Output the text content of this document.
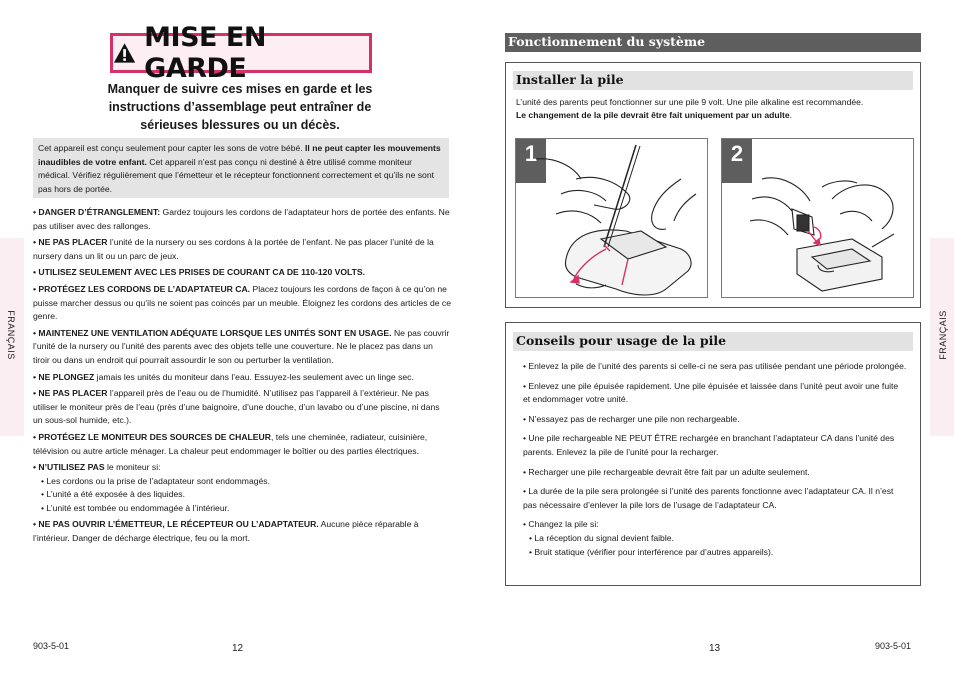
FRANÇAIS	FRANÇAIS
MISE EN GARDE
Manquer de suivre ces mises en garde et les instructions d’assemblage peut entraîner de sérieuses blessures ou un décès.
Cet appareil est conçu seulement pour capter les sons de votre bébé. Il ne peut capter les mouvements inaudibles de votre enfant. Cet appareil n’est pas conçu ni destiné à être utilisé comme moniteur médical. Vérifiez régulièrement que l’émetteur et le récepteur fonctionnent correctement et qu’ils ne sont pas hors de portée.

• DANGER D’ÉTRANGLEMENT: Gardez toujours les cordons de l’adaptateur hors de portée des enfants. Ne pas utiliser avec des rallonges.

• NE PAS PLACER l’unité de la nursery ou ses cordons à la portée de l’enfant. Ne pas placer l’unité de la nursery dans un lit ou un parc de jeux.

• UTILISEZ SEULEMENT AVEC LES PRISES DE COURANT CA DE 110-120 VOLTS.

• PROTÉGEZ LES CORDONS DE L’ADAPTATEUR CA. Placez toujours les cordons de façon à ce qu’on ne puisse marcher dessus ou qu’ils ne soient pas coincés par un meuble. Éloignez les cordons des articles de ce genre.

• MAINTENEZ UNE VENTILATION ADÉQUATE LORSQUE LES UNITÉS SONT EN USAGE. Ne pas couvrir l’unité de la nursery ou l’unité des parents avec des objets telle une couverture. Ne le placez pas dans un tiroir ou dans un endroit qui pourrait assourdir le son ou perturber la ventilation.

• NE PLONGEZ jamais les unités du moniteur dans l’eau. Essuyez-les seulement avec un linge sec.

• NE PAS PLACER l’appareil près de l’eau ou de l’humidité. N’utilisez pas l’appareil à l’extérieur. Ne pas utiliser le moniteur près de l’eau (près d’une baignoire, d’une douche, d’un lavabo ou d’une piscine, ni dans un sous-sol humide, etc.).

• PROTÉGEZ LE MONITEUR DES SOURCES DE CHALEUR, tels une cheminée, radiateur, cuisinière, télévision ou autre article ménager. La chaleur peut endommager le boîtier ou des parties électriques.

• N’UTILISEZ PAS le moniteur si:

• Les cordons ou la prise de l’adaptateur sont endommagés.

• L’unité a été exposée à des liquides.

• L’unité est tombée ou endommagée à l’intérieur.

• NE PAS OUVRIR L’ÉMETTEUR, LE RÉCEPTEUR OU L’ADAPTATEUR. Aucune pièce réparable à l’intérieur. Danger de décharge électrique, feu ou la mort.

903-5-01	12
Fonctionnement du système
Installer la pile
L’unité des parents peut fonctionner sur une pile 9 volt. Une pile alkaline est recommandée.
Le changement de la pile devrait être fait uniquement par un adulte.
1	2
Conseils pour usage de la pile

• Enlevez la pile de l’unité des parents si celle-ci ne sera pas utilisée pendant une période prolongée.

• Enlevez une pile épuisée rapidement. Une pile épuisée et laissée dans l’unité peut avoir une fuite et endommager votre unité.

• N’essayez pas de recharger une pile non rechargeable.

• Une pile rechargeable NE PEUT ÊTRE rechargée en branchant l’adaptateur CA dans l’unité des parents. Enlevez la pile de l’unité pour la recharger.

• Recharger une pile rechargeable devrait être fait par un adulte seulement.

• La durée de la pile sera prolongée si l’unité des parents fonctionne avec l’adaptateur CA. Il n’est pas nécessaire d’enlever la pile lors de l’usage de l’adaptateur CA.

• Changez la pile si:

• La réception du signal devient faible.

• Bruit statique (vérifier pour interférence par d’autres appareils).

13	903-5-01
